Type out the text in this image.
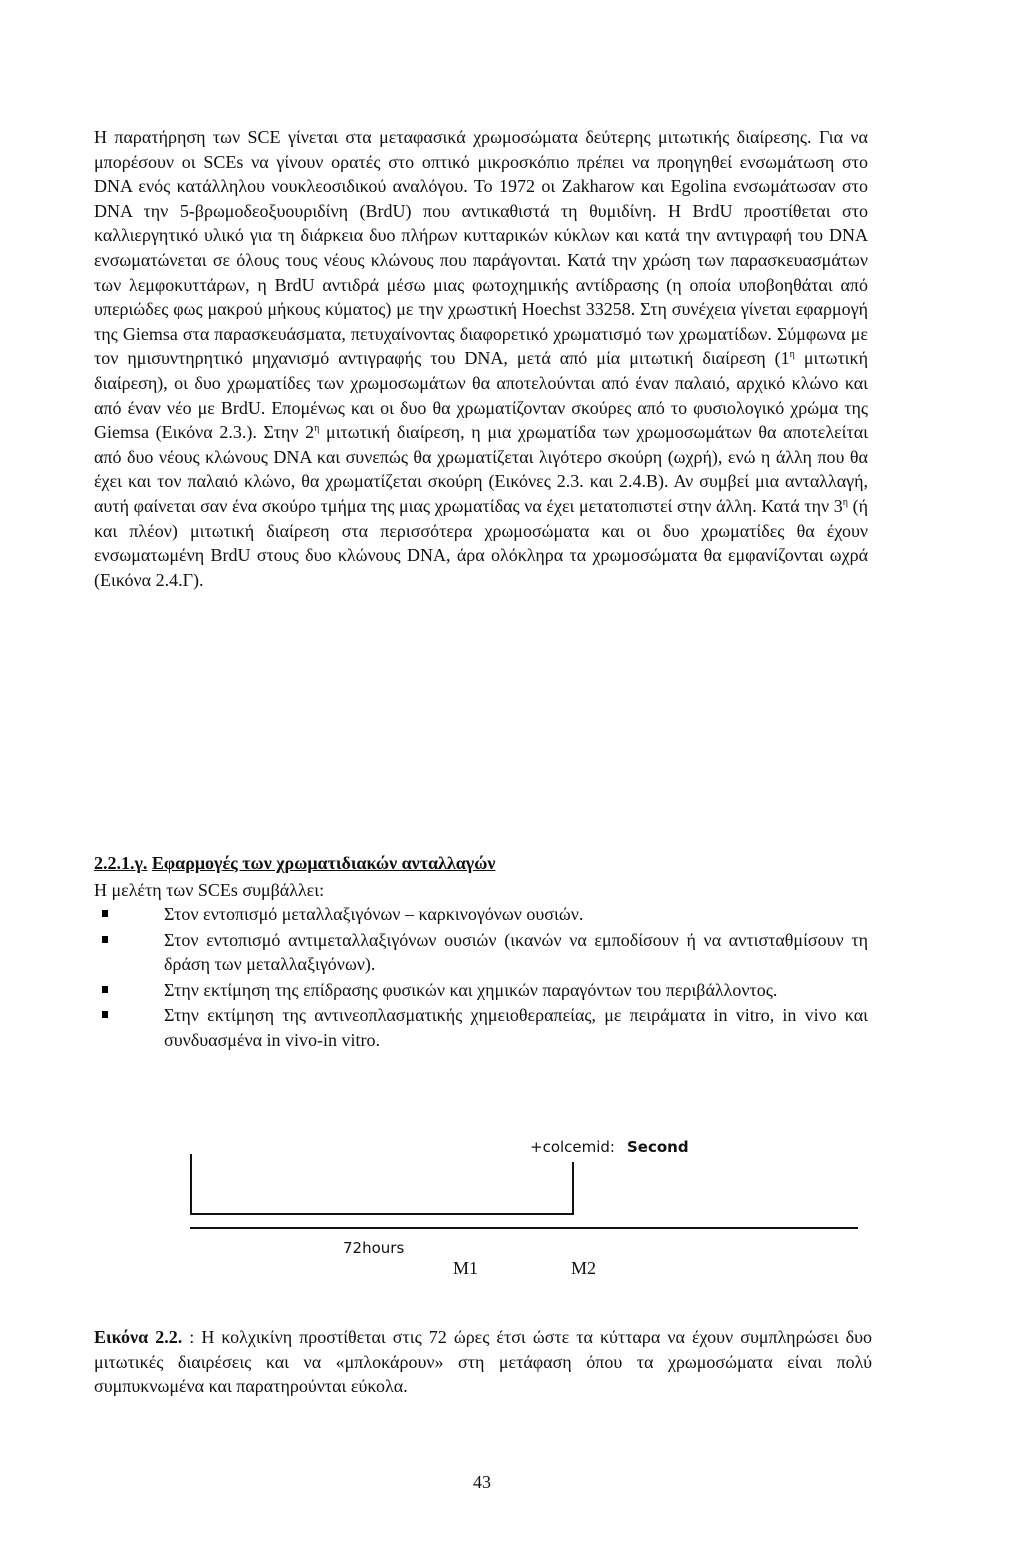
Η παρατήρηση των SCE γίνεται στα μεταφασικά χρωμοσώματα δεύτερης μιτωτικής διαίρεσης. Για να μπορέσουν οι SCEs να γίνουν ορατές στο οπτικό μικροσκόπιο πρέπει να προηγηθεί ενσωμάτωση στο DNA ενός κατάλληλου νουκλεοσιδικού αναλόγου. Το 1972 οι Zakharow και Egolina ενσωμάτωσαν στο DNA την 5-βρωμοδεοξυουριδίνη (BrdU) που αντικαθιστά τη θυμιδίνη. Η BrdU προστίθεται στο καλλιεργητικό υλικό για τη διάρκεια δυο πλήρων κυτταρικών κύκλων και κατά την αντιγραφή του DNA ενσωματώνεται σε όλους τους νέους κλώνους που παράγονται. Κατά την χρώση των παρασκευασμάτων των λεμφοκυττάρων, η BrdU αντιδρά μέσω μιας φωτοχημικής αντίδρασης (η οποία υποβοηθάται από υπεριώδες φως μακρού μήκους κύματος) με την χρωστική Hoechst 33258. Στη συνέχεια γίνεται εφαρμογή της Giemsa στα παρασκευάσματα, πετυχαίνοντας διαφορετικό χρωματισμό των χρωματίδων. Σύμφωνα με τον ημισυντηρητικό μηχανισμό αντιγραφής του DNA, μετά από μία μιτωτική διαίρεση ($1^\eta$ μιτωτική διαίρεση), οι δυο χρωματίδες των χρωμοσωμάτων θα αποτελούνται από έναν παλαιό, αρχικό κλώνο και από έναν νέο με BrdU. Επομένως και οι δυο θα χρωματίζονταν σκούρες από το φυσιολογικό χρώμα της Giemsa (Εικόνα 2.3.). Στην $2^\eta$ μιτωτική διαίρεση, η μια χρωματίδα των χρωμοσωμάτων θα αποτελείται από δυο νέους κλώνους DNA και συνεπώς θα χρωματίζεται λιγότερο σκούρη (ωχρή), ενώ η άλλη που θα έχει και τον παλαιό κλώνο, θα χρωματίζεται σκούρη (Εικόνες 2.3. και 2.4.Β). Αν συμβεί μια ανταλλαγή, αυτή φαίνεται σαν ένα σκούρο τμήμα της μιας χρωματίδας να έχει μετατοπιστεί στην άλλη. Κατά την $3^\eta$ (ή και πλέον) μιτωτική διαίρεση στα περισσότερα χρωμοσώματα και οι δυο χρωματίδες θα έχουν ενσωματωμένη BrdU στους δυο κλώνους DNA, άρα ολόκληρα τα χρωμοσώματα θα εμφανίζονται ωχρά (Εικόνα 2.4.Γ).

2.2.1.γ. Εφαρμογές των χρωματιδιακών ανταλλαγών

Η μελέτη των SCEs συμβάλλει:

Στον εντοπισμό μεταλλαξιγόνων – καρκινογόνων ουσιών.
Στον εντοπισμό αντιμεταλλαξιγόνων ουσιών (ικανών να εμποδίσουν ή να αντισταθμίσουν τη δράση των μεταλλαξιγόνων).
Στην εκτίμηση της επίδρασης φυσικών και χημικών παραγόντων του περιβάλλοντος.
Στην εκτίμηση της αντινεοπλασματικής χημειοθεραπείας, με πειράματα in vitro, in vivo και συνδυασμένα in vivo-in vitro.
+colcemid: Second
72hours
M1	M2

Εικόνα 2.2. : Η κολχικίνη προστίθεται στις 72 ώρες έτσι ώστε τα κύτταρα να έχουν συμπληρώσει δυο μιτωτικές διαιρέσεις και να «μπλοκάρουν» στη μετάφαση όπου τα χρωμοσώματα είναι πολύ συμπυκνωμένα και παρατηρούνται εύκολα.

43
